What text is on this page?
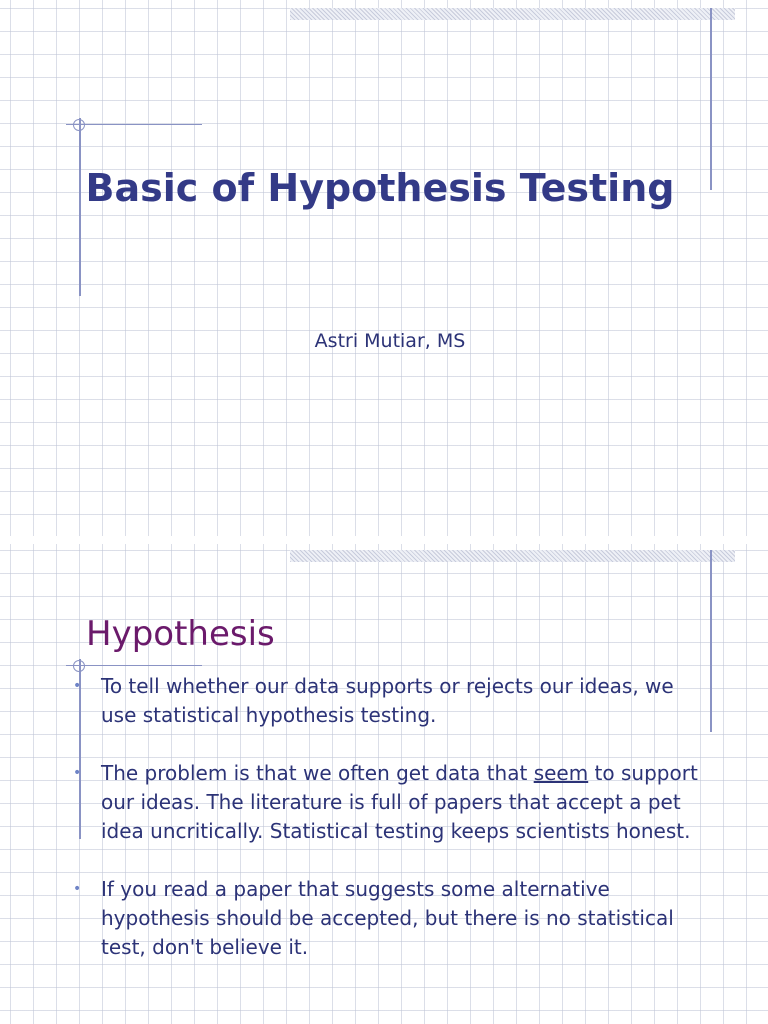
Basic of Hypothesis Testing
Astri Mutiar, MS
Hypothesis
• To tell whether our data supports or rejects our ideas, we use statistical hypothesis testing.
• The problem is that we often get data that seem to support our ideas. The literature is full of papers that accept a pet idea uncritically. Statistical testing keeps scientists honest.
• If you read a paper that suggests some alternative hypothesis should be accepted, but there is no statistical test, don't believe it.
